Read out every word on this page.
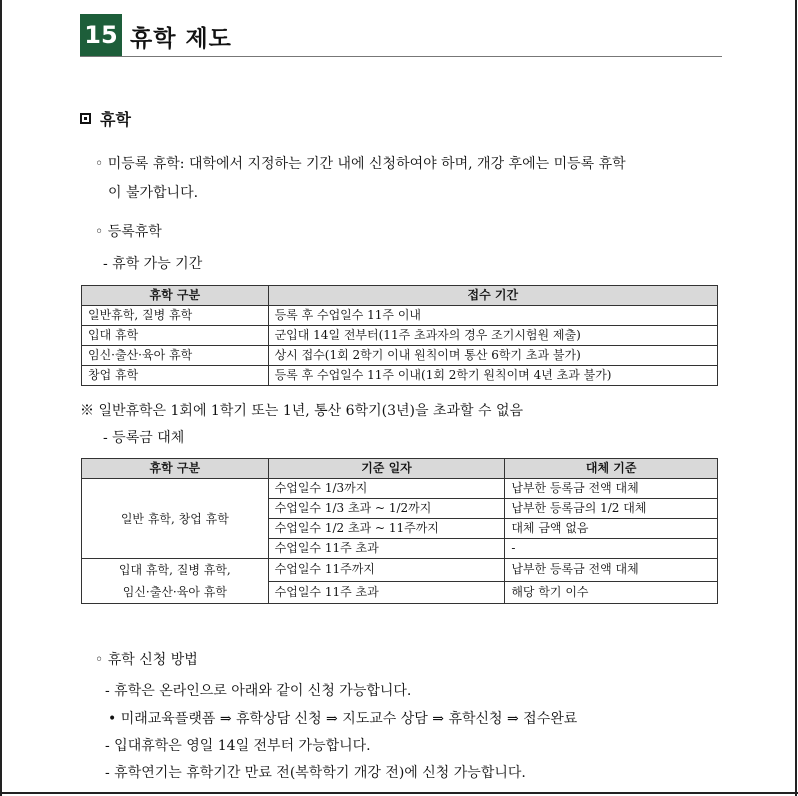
15 휴학 제도
휴학
◦ 미등록 휴학: 대학에서 지정하는 기간 내에 신청하여야 하며, 개강 후에는 미등록 휴학
이 불가합니다.
◦ 등록휴학
- 휴학 가능 기간
휴학 구분	접수 기간
일반휴학, 질병 휴학	등록 후 수업일수 11주 이내
입대 휴학	군입대 14일 전부터(11주 초과자의 경우 조기시험원 제출)
임신·출산·육아 휴학	상시 접수(1회 2학기 이내 원칙이며 통산 6학기 초과 불가)
창업 휴학	등록 후 수업일수 11주 이내(1회 2학기 원칙이며 4년 초과 불가)
※ 일반휴학은 1회에 1학기 또는 1년, 통산 6학기(3년)을 초과할 수 없음
- 등록금 대체
휴학 구분	기준 일자	대체 기준
일반 휴학, 창업 휴학	수업일수 1/3까지	납부한 등록금 전액 대체
	수업일수 1/3 초과 ~ 1/2까지	납부한 등록금의 1/2 대체
	수업일수 1/2 초과 ~ 11주까지	대체 금액 없음
	수업일수 11주 초과	-

입대 휴학, 질병 휴학,
임신·출산·육아 휴학	수업일수 11주까지	납부한 등록금 전액 대체
	수업일수 11주 초과	해당 학기 이수
◦ 휴학 신청 방법
- 휴학은 온라인으로 아래와 같이 신청 가능합니다.
• 미래교육플랫폼 ⇒ 휴학상담 신청 ⇒ 지도교수 상담 ⇒ 휴학신청 ⇒ 접수완료
- 입대휴학은 영일 14일 전부터 가능합니다.
- 휴학연기는 휴학기간 만료 전(복학학기 개강 전)에 신청 가능합니다.
